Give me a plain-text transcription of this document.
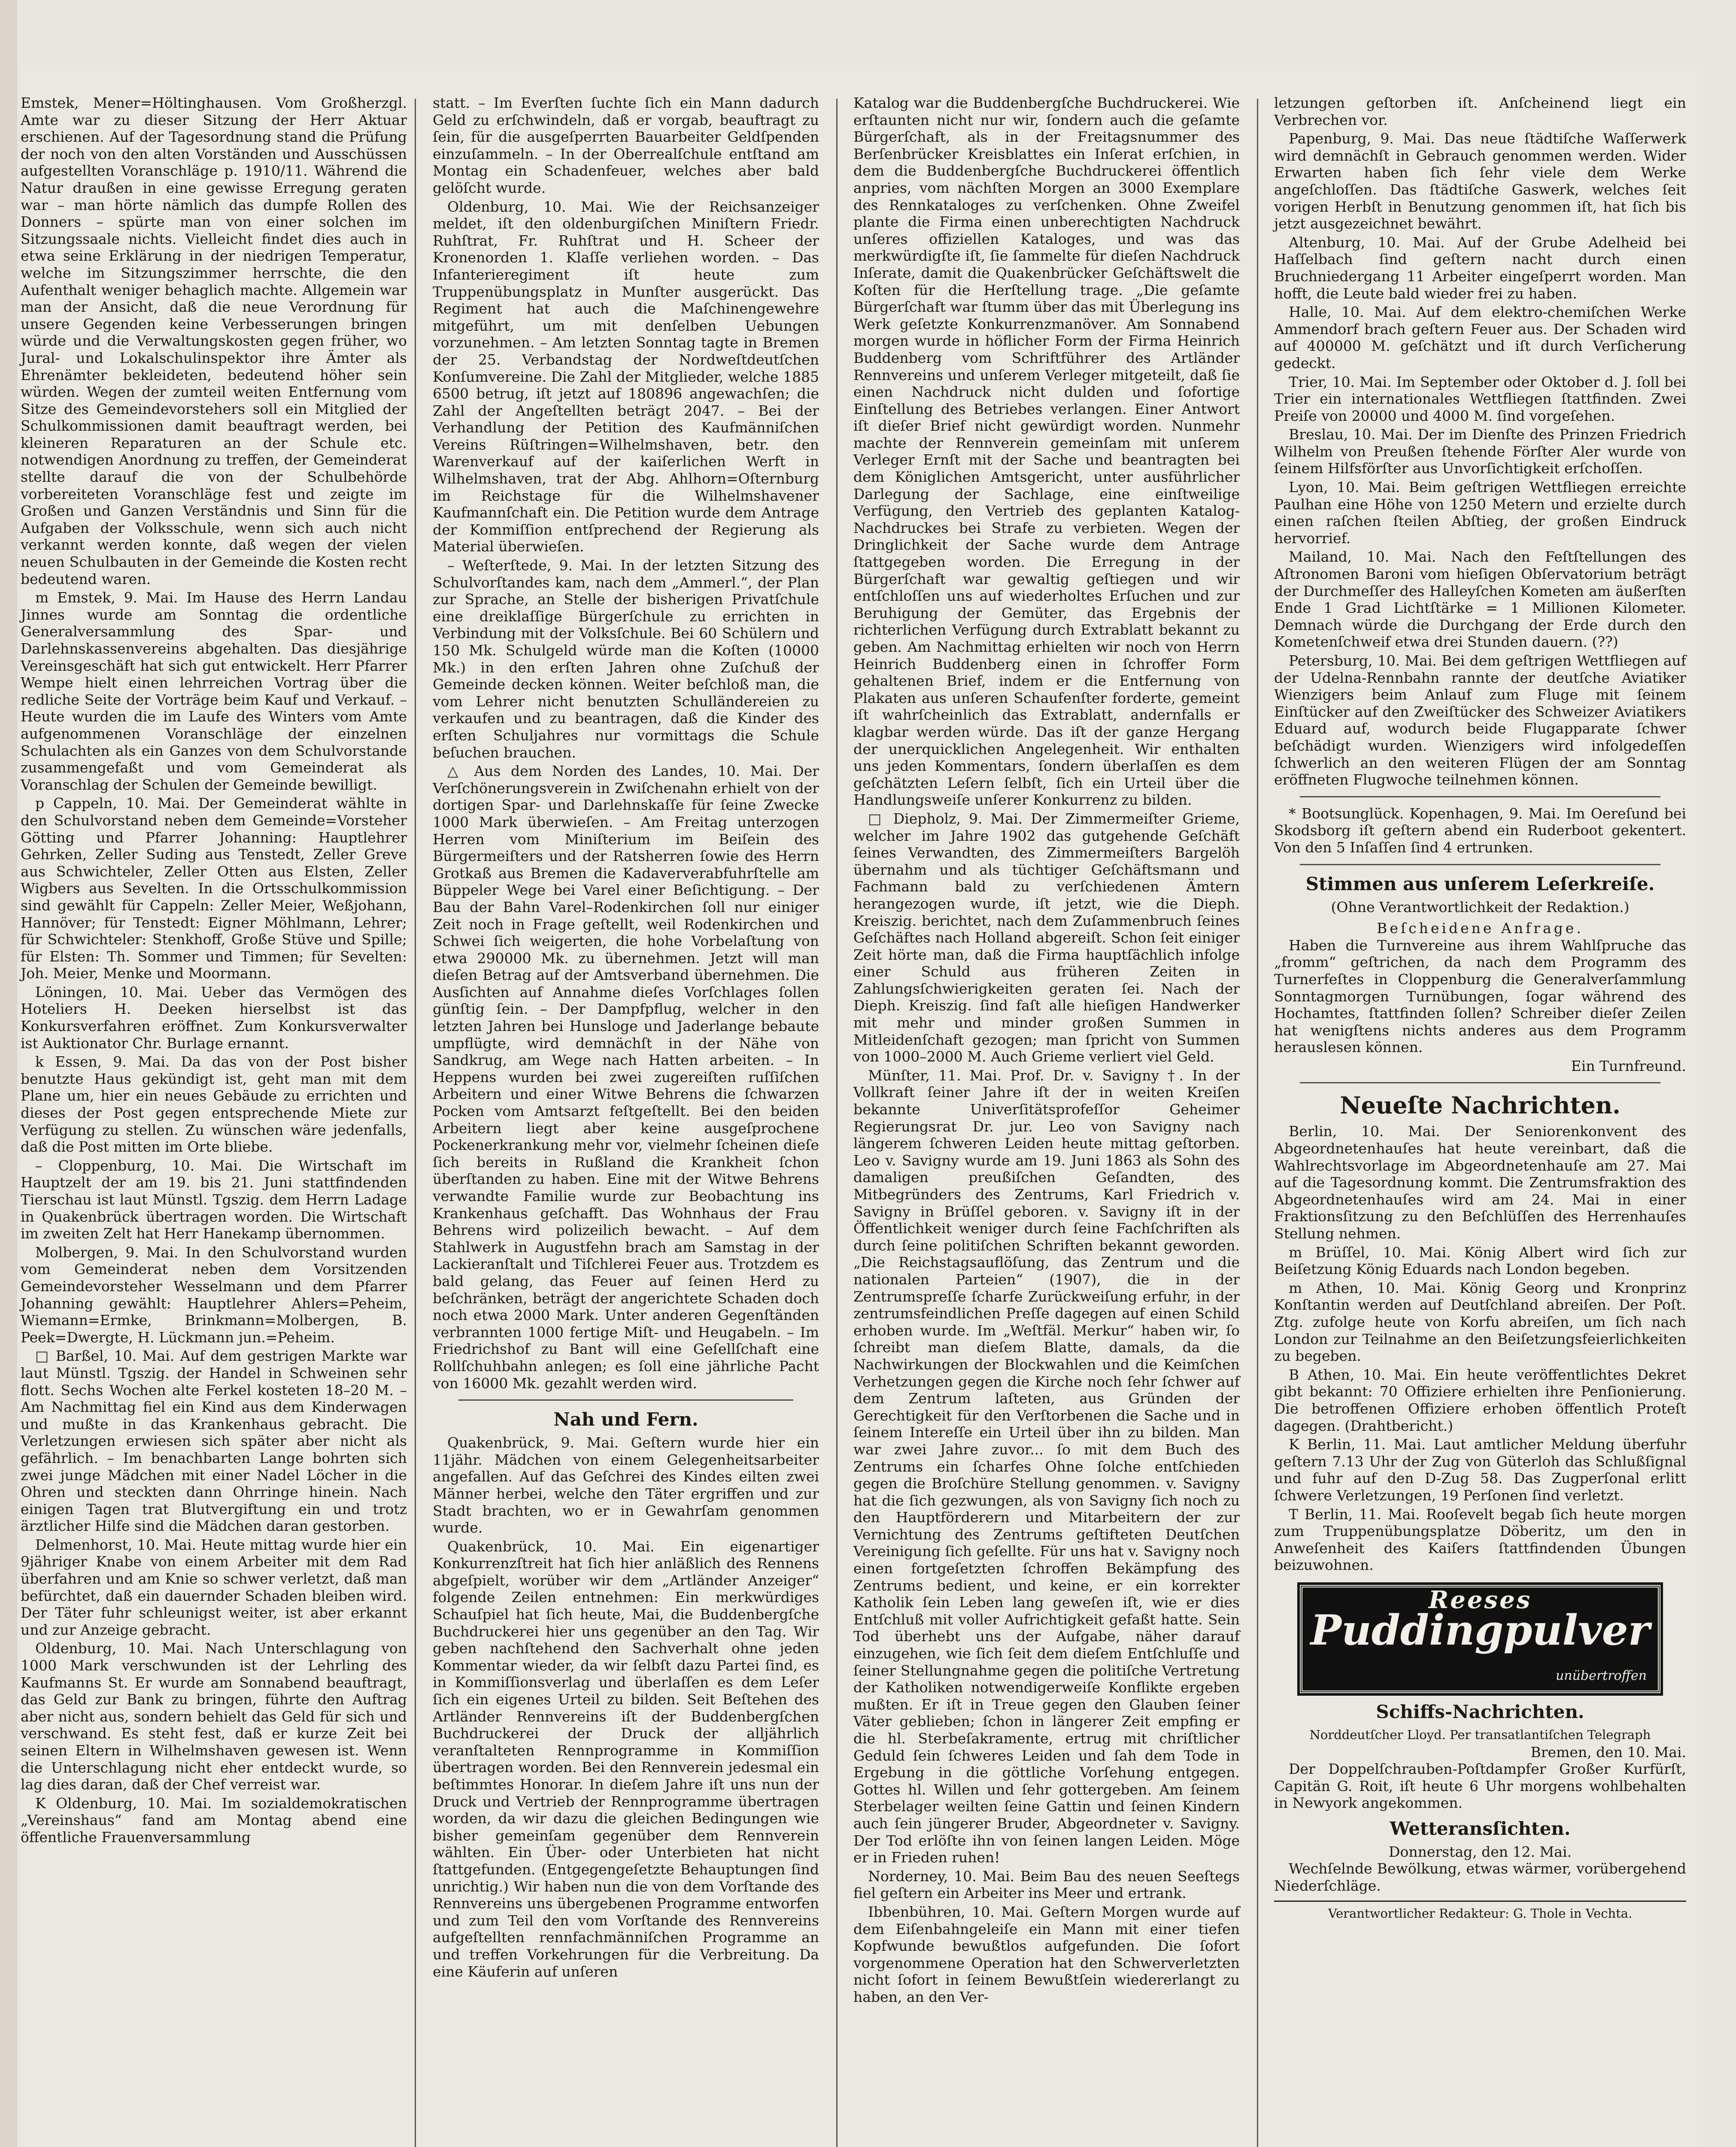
Emstek, Mener=Höltinghausen. Vom Großherzgl. Amte war zu dieser Sitzung der Herr Aktuar erschienen. Auf der Tagesordnung stand die Prüfung der noch von den alten Vorständen und Ausschüssen aufgestellten Voranschläge p. 1910/11. Während die Natur draußen in eine gewisse Erregung geraten war – man hörte nämlich das dumpfe Rollen des Donners – spürte man von einer solchen im Sitzungssaale nichts. Vielleicht findet dies auch in etwa seine Erklärung in der niedrigen Temperatur, welche im Sitzungszimmer herrschte, die den Aufenthalt weniger behaglich machte. Allgemein war man der Ansicht, daß die neue Verordnung für unsere Gegenden keine Verbesserungen bringen würde und die Verwaltungskosten gegen früher, wo Jural- und Lokalschulinspektor ihre Ämter als Ehrenämter bekleideten, bedeutend höher sein würden. Wegen der zumteil weiten Entfernung vom Sitze des Gemeindevorstehers soll ein Mitglied der Schulkommissionen damit beauftragt werden, bei kleineren Reparaturen an der Schule etc. notwendigen Anordnung zu treffen, der Gemeinderat stellte darauf die von der Schulbehörde vorbereiteten Voranschläge fest und zeigte im Großen und Ganzen Verständnis und Sinn für die Aufgaben der Volksschule, wenn sich auch nicht verkannt werden konnte, daß wegen der vielen neuen Schulbauten in der Gemeinde die Kosten recht bedeutend waren.

m Emstek, 9. Mai. Im Hause des Herrn Landau Jinnes wurde am Sonntag die ordentliche Generalversammlung des Spar- und Darlehnskassenvereins abgehalten. Das diesjährige Vereinsgeschäft hat sich gut entwickelt. Herr Pfarrer Wempe hielt einen lehrreichen Vortrag über die redliche Seite der Vorträge beim Kauf und Verkauf. – Heute wurden die im Laufe des Winters vom Amte aufgenommenen Voranschläge der einzelnen Schulachten als ein Ganzes von dem Schulvorstande zusammengefaßt und vom Gemeinderat als Voranschlag der Schulen der Gemeinde bewilligt.

p Cappeln, 10. Mai. Der Gemeinderat wählte in den Schulvorstand neben dem Gemeinde=Vorsteher Götting und Pfarrer Johanning: Hauptlehrer Gehrken, Zeller Suding aus Tenstedt, Zeller Greve aus Schwichteler, Zeller Otten aus Elsten, Zeller Wigbers aus Sevelten. In die Ortsschulkommission sind gewählt für Cappeln: Zeller Meier, Weßjohann, Hannöver; für Tenstedt: Eigner Möhlmann, Lehrer; für Schwichteler: Stenkhoff, Große Stüve und Spille; für Elsten: Th. Sommer und Timmen; für Sevelten: Joh. Meier, Menke und Moormann.

Löningen, 10. Mai. Ueber das Vermögen des Hoteliers H. Deeken hierselbst ist das Konkursverfahren eröffnet. Zum Konkursverwalter ist Auktionator Chr. Burlage ernannt.

k Essen, 9. Mai. Da das von der Post bisher benutzte Haus gekündigt ist, geht man mit dem Plane um, hier ein neues Gebäude zu errichten und dieses der Post gegen entsprechende Miete zur Verfügung zu stellen. Zu wünschen wäre jedenfalls, daß die Post mitten im Orte bliebe.

– Cloppenburg, 10. Mai. Die Wirtschaft im Hauptzelt der am 19. bis 21. Juni stattfindenden Tierschau ist laut Münstl. Tgszig. dem Herrn Ladage in Quakenbrück übertragen worden. Die Wirtschaft im zweiten Zelt hat Herr Hanekamp übernommen.

Molbergen, 9. Mai. In den Schulvorstand wurden vom Gemeinderat neben dem Vorsitzenden Gemeindevorsteher Wesselmann und dem Pfarrer Johanning gewählt: Hauptlehrer Ahlers=Peheim, Wiemann=Ermke, Brinkmann=Molbergen, B. Peek=Dwergte, H. Lückmann jun.=Peheim.

□ Barßel, 10. Mai. Auf dem gestrigen Markte war laut Münstl. Tgszig. der Handel in Schweinen sehr flott. Sechs Wochen alte Ferkel kosteten 18–20 M. – Am Nachmittag fiel ein Kind aus dem Kinderwagen und mußte in das Krankenhaus gebracht. Die Verletzungen erwiesen sich später aber nicht als gefährlich. – Im benachbarten Lange bohrten sich zwei junge Mädchen mit einer Nadel Löcher in die Ohren und steckten dann Ohrringe hinein. Nach einigen Tagen trat Blutvergiftung ein und trotz ärztlicher Hilfe sind die Mädchen daran gestorben.

Delmenhorst, 10. Mai. Heute mittag wurde hier ein 9jähriger Knabe von einem Arbeiter mit dem Rad überfahren und am Knie so schwer verletzt, daß man befürchtet, daß ein dauernder Schaden bleiben wird. Der Täter fuhr schleunigst weiter, ist aber erkannt und zur Anzeige gebracht.

Oldenburg, 10. Mai. Nach Unterschlagung von 1000 Mark verschwunden ist der Lehrling des Kaufmanns St. Er wurde am Sonnabend beauftragt, das Geld zur Bank zu bringen, führte den Auftrag aber nicht aus, sondern behielt das Geld für sich und verschwand. Es steht fest, daß er kurze Zeit bei seinen Eltern in Wilhelmshaven gewesen ist. Wenn die Unterschlagung nicht eher entdeckt wurde, so lag dies daran, daß der Chef verreist war.

K Oldenburg, 10. Mai. Im sozialdemokratischen „Vereinshaus“ fand am Montag abend eine öffentliche Frauenversammlung

statt. – Im Everſten ſuchte ſich ein Mann dadurch Geld zu erſchwindeln, daß er vorgab, beauftragt zu ſein, für die ausgeſperrten Bauarbeiter Geldſpenden einzuſammeln. – In der Oberrealſchule entſtand am Montag ein Schadenfeuer, welches aber bald gelöſcht wurde.

Oldenburg, 10. Mai. Wie der Reichsanzeiger meldet, iſt den oldenburgiſchen Miniſtern Friedr. Ruhſtrat, Fr. Ruhſtrat und H. Scheer der Kronenorden 1. Klaſſe verliehen worden. – Das Infanterieregiment iſt heute zum Truppenübungsplatz in Munſter ausgerückt. Das Regiment hat auch die Maſchinengewehre mitgeführt, um mit denſelben Uebungen vorzunehmen. – Am letzten Sonntag tagte in Bremen der 25. Verbandstag der Nordweſtdeutſchen Konſumvereine. Die Zahl der Mitglieder, welche 1885 6500 betrug, iſt jetzt auf 180896 angewachſen; die Zahl der Angeſtellten beträgt 2047. – Bei der Verhandlung der Petition des Kaufmänniſchen Vereins Rüſtringen=Wilhelmshaven, betr. den Warenverkauf auf der kaiſerlichen Werft in Wilhelmshaven, trat der Abg. Ahlhorn=Oſternburg im Reichstage für die Wilhelmshavener Kaufmannſchaft ein. Die Petition wurde dem Antrage der Kommiſſion entſprechend der Regierung als Material überwieſen.

– Weſterſtede, 9. Mai. In der letzten Sitzung des Schulvorſtandes kam, nach dem „Ammerl.“, der Plan zur Sprache, an Stelle der bisherigen Privatſchule eine dreiklaſſige Bürgerſchule zu errichten in Verbindung mit der Volksſchule. Bei 60 Schülern und 150 Mk. Schulgeld würde man die Koſten (10000 Mk.) in den erſten Jahren ohne Zuſchuß der Gemeinde decken können. Weiter beſchloß man, die vom Lehrer nicht benutzten Schulländereien zu verkaufen und zu beantragen, daß die Kinder des erſten Schuljahres nur vormittags die Schule beſuchen brauchen.

△ Aus dem Norden des Landes, 10. Mai. Der Verſchönerungsverein in Zwiſchenahn erhielt von der dortigen Spar- und Darlehnskaſſe für ſeine Zwecke 1000 Mark überwieſen. – Am Freitag unterzogen Herren vom Miniſterium im Beiſein des Bürgermeiſters und der Ratsherren ſowie des Herrn Grotkaß aus Bremen die Kadaververabfuhrſtelle am Büppeler Wege bei Varel einer Beſichtigung. – Der Bau der Bahn Varel–Rodenkirchen ſoll nur einiger Zeit noch in Frage geſtellt, weil Rodenkirchen und Schwei ſich weigerten, die hohe Vorbelaſtung von etwa 290000 Mk. zu übernehmen. Jetzt will man dieſen Betrag auf der Amtsverband übernehmen. Die Ausſichten auf Annahme dieſes Vorſchlages ſollen günſtig ſein. – Der Dampfpflug, welcher in den letzten Jahren bei Hunsloge und Jaderlange bebaute umpflügte, wird demnächſt in der Nähe von Sandkrug, am Wege nach Hatten arbeiten. – In Heppens wurden bei zwei zugereiſten ruſſiſchen Arbeitern und einer Witwe Behrens die ſchwarzen Pocken vom Amtsarzt feſtgeſtellt. Bei den beiden Arbeitern liegt aber keine ausgeſprochene Pockenerkrankung mehr vor, vielmehr ſcheinen dieſe ſich bereits in Rußland die Krankheit ſchon überſtanden zu haben. Eine mit der Witwe Behrens verwandte Familie wurde zur Beobachtung ins Krankenhaus geſchafft. Das Wohnhaus der Frau Behrens wird polizeilich bewacht. – Auf dem Stahlwerk in Augustfehn brach am Samstag in der Lackieranſtalt und Tiſchlerei Feuer aus. Trotzdem es bald gelang, das Feuer auf ſeinen Herd zu beſchränken, beträgt der angerichtete Schaden doch noch etwa 2000 Mark. Unter anderen Gegenſtänden verbrannten 1000 fertige Miſt- und Heugabeln. – Im Friedrichshof zu Bant will eine Geſellſchaft eine Rollſchuhbahn anlegen; es ſoll eine jährliche Pacht von 16000 Mk. gezahlt werden wird.

Nah und Fern.

Quakenbrück, 9. Mai. Geſtern wurde hier ein 11jähr. Mädchen von einem Gelegenheitsarbeiter angefallen. Auf das Geſchrei des Kindes eilten zwei Männer herbei, welche den Täter ergriffen und zur Stadt brachten, wo er in Gewahrſam genommen wurde.

Quakenbrück, 10. Mai. Ein eigenartiger Konkurrenzſtreit hat ſich hier anläßlich des Rennens abgeſpielt, worüber wir dem „Artländer Anzeiger“ folgende Zeilen entnehmen: Ein merkwürdiges Schauſpiel hat ſich heute, Mai, die Buddenbergſche Buchdruckerei hier uns gegenüber an den Tag. Wir geben nachſtehend den Sachverhalt ohne jeden Kommentar wieder, da wir ſelbſt dazu Partei ſind, es in Kommiſſionsverlag und überlaſſen es dem Leſer ſich ein eigenes Urteil zu bilden. Seit Beſtehen des Artländer Rennvereins iſt der Buddenbergſchen Buchdruckerei der Druck der alljährlich veranſtalteten Rennprogramme in Kommiſſion übertragen worden. Bei den Rennverein jedesmal ein beſtimmtes Honorar. In dieſem Jahre iſt uns nun der Druck und Vertrieb der Rennprogramme übertragen worden, da wir dazu die gleichen Bedingungen wie bisher gemeinſam gegenüber dem Rennverein wählten. Ein Über- oder Unterbieten hat nicht ſtattgefunden. (Entgegengeſetzte Behauptungen ſind unrichtig.) Wir haben nun die von dem Vorſtande des Rennvereins uns übergebenen Programme entworfen und zum Teil den vom Vorſtande des Rennvereins aufgeſtellten rennfachmänniſchen Programme an und treffen Vorkehrungen für die Verbreitung. Da eine Käuferin auf unſeren

Katalog war die Buddenbergſche Buchdruckerei. Wie erſtaunten nicht nur wir, ſondern auch die geſamte Bürgerſchaft, als in der Freitagsnummer des Berſenbrücker Kreisblattes ein Inſerat erſchien, in dem die Buddenbergſche Buchdruckerei öffentlich anpries, vom nächſten Morgen an 3000 Exemplare des Rennkataloges zu verſchenken. Ohne Zweifel plante die Firma einen unberechtigten Nachdruck unſeres offiziellen Kataloges, und was das merkwürdigſte iſt, ſie ſammelte für dieſen Nachdruck Inſerate, damit die Quakenbrücker Geſchäftswelt die Koſten für die Herſtellung trage. „Die geſamte Bürgerſchaft war ſtumm über das mit Überlegung ins Werk geſetzte Konkurrenzmanöver. Am Sonnabend morgen wurde in höflicher Form der Firma Heinrich Buddenberg vom Schriftführer des Artländer Rennvereins und unſerem Verleger mitgeteilt, daß ſie einen Nachdruck nicht dulden und ſofortige Einſtellung des Betriebes verlangen. Einer Antwort iſt dieſer Brief nicht gewürdigt worden. Nunmehr machte der Rennverein gemeinſam mit unſerem Verleger Ernſt mit der Sache und beantragten bei dem Königlichen Amtsgericht, unter ausführlicher Darlegung der Sachlage, eine einſtweilige Verfügung, den Vertrieb des geplanten Katalog-Nachdruckes bei Strafe zu verbieten. Wegen der Dringlichkeit der Sache wurde dem Antrage ſtattgegeben worden. Die Erregung in der Bürgerſchaft war gewaltig geſtiegen und wir entſchloſſen uns auf wiederholtes Erſuchen und zur Beruhigung der Gemüter, das Ergebnis der richterlichen Verfügung durch Extrablatt bekannt zu geben. Am Nachmittag erhielten wir noch von Herrn Heinrich Buddenberg einen in ſchroffer Form gehaltenen Brief, indem er die Entfernung von Plakaten aus unſeren Schaufenſter forderte, gemeint iſt wahrſcheinlich das Extrablatt, andernfalls er klagbar werden würde. Das iſt der ganze Hergang der unerquicklichen Angelegenheit. Wir enthalten uns jeden Kommentars, ſondern überlaſſen es dem geſchätzten Leſern ſelbſt, ſich ein Urteil über die Handlungsweiſe unſerer Konkurrenz zu bilden.

□ Diepholz, 9. Mai. Der Zimmermeiſter Grieme, welcher im Jahre 1902 das gutgehende Geſchäft ſeines Verwandten, des Zimmermeiſters Bargelöh übernahm und als tüchtiger Geſchäftsmann und Fachmann bald zu verſchiedenen Ämtern herangezogen wurde, iſt jetzt, wie die Dieph. Kreiszig. berichtet, nach dem Zuſammenbruch ſeines Geſchäftes nach Holland abgereiſt. Schon ſeit einiger Zeit hörte man, daß die Firma hauptſächlich infolge einer Schuld aus früheren Zeiten in Zahlungsſchwierigkeiten geraten ſei. Nach der Dieph. Kreiszig. ſind faſt alle hieſigen Handwerker mit mehr und minder großen Summen in Mitleidenſchaft gezogen; man ſpricht von Summen von 1000–2000 M. Auch Grieme verliert viel Geld.

Münſter, 11. Mai. Prof. Dr. v. Savigny †. In der Vollkraft ſeiner Jahre iſt der in weiten Kreiſen bekannte Univerſitätsprofeſſor Geheimer Regierungsrat Dr. jur. Leo von Savigny nach längerem ſchweren Leiden heute mittag geſtorben. Leo v. Savigny wurde am 19. Juni 1863 als Sohn des damaligen preußiſchen Geſandten, des Mitbegründers des Zentrums, Karl Friedrich v. Savigny in Brüſſel geboren. v. Savigny iſt in der Öffentlichkeit weniger durch ſeine Fachſchriften als durch ſeine politiſchen Schriften bekannt geworden. „Die Reichstagsauflöſung, das Zentrum und die nationalen Parteien“ (1907), die in der Zentrumspreſſe ſcharfe Zurückweiſung erfuhr, in der zentrumsfeindlichen Preſſe dagegen auf einen Schild erhoben wurde. Im „Weſtfäl. Merkur“ haben wir, ſo ſchreibt man dieſem Blatte, damals, da die Nachwirkungen der Blockwahlen und die Keimſchen Verhetzungen gegen die Kirche noch ſehr ſchwer auf dem Zentrum laſteten, aus Gründen der Gerechtigkeit für den Verſtorbenen die Sache und in ſeinem Intereſſe ein Urteil über ihn zu bilden. Man war zwei Jahre zuvor... ſo mit dem Buch des Zentrums ein ſcharfes Ohne ſolche entſchieden gegen die Broſchüre Stellung genommen. v. Savigny hat die ſich gezwungen, als von Savigny ſich noch zu den Hauptförderern und Mitarbeitern der zur Vernichtung des Zentrums geſtifteten Deutſchen Vereinigung ſich geſellte. Für uns hat v. Savigny noch einen fortgeſetzten ſchroffen Bekämpfung des Zentrums bedient, und keine, er ein korrekter Katholik ſein Leben lang geweſen iſt, wie er dies Entſchluß mit voller Aufrichtigkeit gefaßt hatte. Sein Tod überhebt uns der Aufgabe, näher darauf einzugehen, wie ſich ſeit dem dieſem Entſchluſſe und ſeiner Stellungnahme gegen die politiſche Vertretung der Katholiken notwendigerweiſe Konflikte ergeben mußten. Er iſt in Treue gegen den Glauben ſeiner Väter geblieben; ſchon in längerer Zeit empfing er die hl. Sterbeſakramente, ertrug mit chriſtlicher Geduld ſein ſchweres Leiden und ſah dem Tode in Ergebung in die göttliche Vorſehung entgegen. Gottes hl. Willen und ſehr gottergeben. Am ſeinem Sterbelager weilten ſeine Gattin und ſeinen Kindern auch ſein jüngerer Bruder, Abgeordneter v. Savigny. Der Tod erlöſte ihn von ſeinen langen Leiden. Möge er in Frieden ruhen!

Norderney, 10. Mai. Beim Bau des neuen Seeſtegs fiel geſtern ein Arbeiter ins Meer und ertrank.

Ibbenbühren, 10. Mai. Geſtern Morgen wurde auf dem Eiſenbahngeleiſe ein Mann mit einer tiefen Kopfwunde bewußtlos aufgefunden. Die ſofort vorgenommene Operation hat den Schwerverletzten nicht ſofort in ſeinem Bewußtſein wiedererlangt zu haben, an den Ver-

letzungen geſtorben iſt. Anſcheinend liegt ein Verbrechen vor.

Papenburg, 9. Mai. Das neue ſtädtiſche Waſſerwerk wird demnächſt in Gebrauch genommen werden. Wider Erwarten haben ſich ſehr viele dem Werke angeſchloſſen. Das ſtädtiſche Gaswerk, welches ſeit vorigen Herbſt in Benutzung genommen iſt, hat ſich bis jetzt ausgezeichnet bewährt.

Altenburg, 10. Mai. Auf der Grube Adelheid bei Haſſelbach ſind geſtern nacht durch einen Bruchniedergang 11 Arbeiter eingeſperrt worden. Man hofft, die Leute bald wieder frei zu haben.

Halle, 10. Mai. Auf dem elektro-chemiſchen Werke Ammendorf brach geſtern Feuer aus. Der Schaden wird auf 400000 M. geſchätzt und iſt durch Verſicherung gedeckt.

Trier, 10. Mai. Im September oder Oktober d. J. ſoll bei Trier ein internationales Wettfliegen ſtattfinden. Zwei Preiſe von 20000 und 4000 M. ſind vorgeſehen.

Breslau, 10. Mai. Der im Dienſte des Prinzen Friedrich Wilhelm von Preußen ſtehende Förſter Aler wurde von ſeinem Hilfsförſter aus Unvorſichtigkeit erſchoſſen.

Lyon, 10. Mai. Beim geſtrigen Wettfliegen erreichte Paulhan eine Höhe von 1250 Metern und erzielte durch einen raſchen ſteilen Abſtieg, der großen Eindruck hervorrief.

Mailand, 10. Mai. Nach den Feſtſtellungen des Aſtronomen Baroni vom hieſigen Obſervatorium beträgt der Durchmeſſer des Halleyſchen Kometen am äußerſten Ende 1 Grad Lichtſtärke = 1 Millionen Kilometer. Demnach würde die Durchgang der Erde durch den Kometenſchweif etwa drei Stunden dauern. (??)

Petersburg, 10. Mai. Bei dem geſtrigen Wettfliegen auf der Udelna-Rennbahn rannte der deutſche Aviatiker Wienzigers beim Anlauf zum Fluge mit ſeinem Einſtücker auf den Zweiſtücker des Schweizer Aviatikers Eduard auf, wodurch beide Flugapparate ſchwer beſchädigt wurden. Wienzigers wird infolgedeſſen ſchwerlich an den weiteren Flügen der am Sonntag eröffneten Flugwoche teilnehmen können.

* Bootsunglück. Kopenhagen, 9. Mai. Im Oereſund bei Skodsborg iſt geſtern abend ein Ruderboot gekentert. Von den 5 Inſaſſen ſind 4 ertrunken.

Stimmen aus unſerem Leſerkreiſe.
(Ohne Verantwortlichkeit der Redaktion.)
Beſcheidene Anfrage.

Haben die Turnvereine aus ihrem Wahlſpruche das „fromm“ geſtrichen, da nach dem Programm des Turnerfeſtes in Cloppenburg die Generalverſammlung Sonntagmorgen Turnübungen, ſogar während des Hochamtes, ſtattfinden ſollen? Schreiber dieſer Zeilen hat wenigſtens nichts anderes aus dem Programm herauslesen können.

Ein Turnfreund.
Neueſte Nachrichten.

Berlin, 10. Mai. Der Seniorenkonvent des Abgeordnetenhauſes hat heute vereinbart, daß die Wahlrechtsvorlage im Abgeordnetenhauſe am 27. Mai auf die Tagesordnung kommt. Die Zentrumsfraktion des Abgeordnetenhauſes wird am 24. Mai in einer Fraktionsſitzung zu den Beſchlüſſen des Herrenhauſes Stellung nehmen.

m Brüſſel, 10. Mai. König Albert wird ſich zur Beiſetzung König Eduards nach London begeben.

m Athen, 10. Mai. König Georg und Kronprinz Konſtantin werden auf Deutſchland abreiſen. Der Poſt. Ztg. zufolge heute von Korfu abreiſen, um ſich nach London zur Teilnahme an den Beiſetzungsfeierlichkeiten zu begeben.

B Athen, 10. Mai. Ein heute veröffentlichtes Dekret gibt bekannt: 70 Offiziere erhielten ihre Penſionierung. Die betroffenen Offiziere erhoben öffentlich Proteſt dagegen. (Drahtbericht.)

K Berlin, 11. Mai. Laut amtlicher Meldung überfuhr geſtern 7.13 Uhr der Zug von Güterloh das Schlußſignal und fuhr auf den D-Zug 58. Das Zugperſonal erlitt ſchwere Verletzungen, 19 Perſonen ſind verletzt.

T Berlin, 11. Mai. Rooſevelt begab ſich heute morgen zum Truppenübungsplatze Döberitz, um den in Anweſenheit des Kaiſers ſtattfindenden Übungen beizuwohnen.

Reeses
Puddingpulver
unübertroffen
Schiffs-Nachrichten.
Norddeutſcher Lloyd. Per transatlantiſchen Telegraph
Bremen, den 10. Mai.

Der Doppelſchrauben-Poſtdampfer Großer Kurfürſt, Capitän G. Roit, iſt heute 6 Uhr morgens wohlbehalten in Newyork angekommen.

Wetteransſichten.
Donnerstag, den 12. Mai.

Wechſelnde Bewölkung, etwas wärmer, vorübergehend Niederſchläge.

Verantwortlicher Redakteur: G. Thole in Vechta.
